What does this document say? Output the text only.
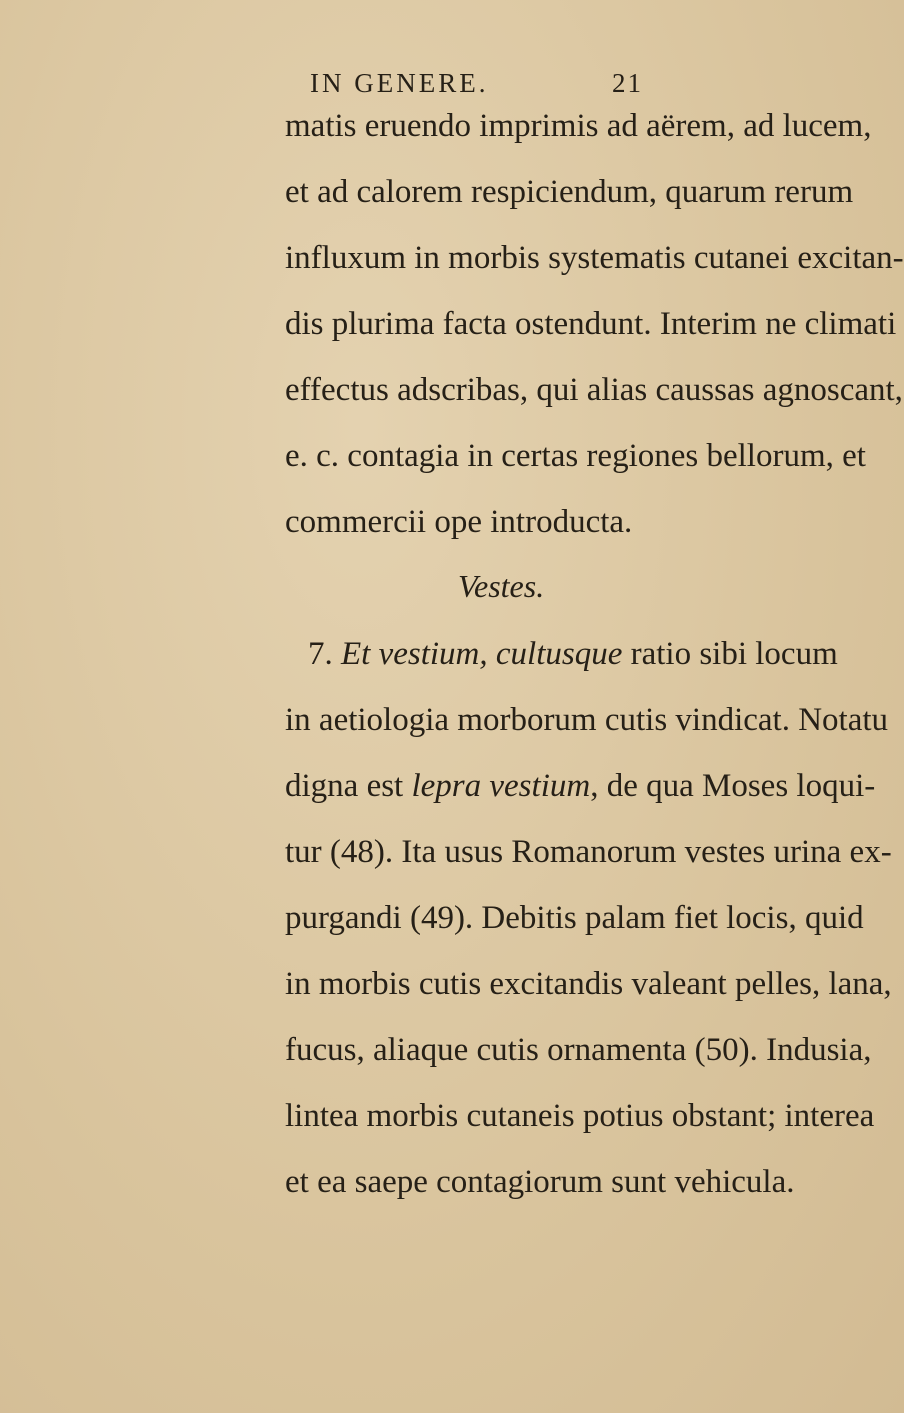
IN GENERE.	21
matis eruendo imprimis ad aërem, ad lucem,
et ad calorem respiciendum, quarum rerum
influxum in morbis systematis cutanei excitan-
dis plurima facta ostendunt. Interim ne climati
effectus adscribas, qui alias caussas agnoscant,
e. c. contagia in certas regiones bellorum, et
commercii ope introducta.
Vestes.
7. Et vestium, cultusque ratio sibi locum
in aetiologia morborum cutis vindicat. Notatu
digna est lepra vestium, de qua Moses loqui-
tur (48). Ita usus Romanorum vestes urina ex-
purgandi (49). Debitis palam fiet locis, quid
in morbis cutis excitandis valeant pelles, lana,
fucus, aliaque cutis ornamenta (50). Indusia,
lintea morbis cutaneis potius obstant; interea
et ea saepe contagiorum sunt vehicula.
